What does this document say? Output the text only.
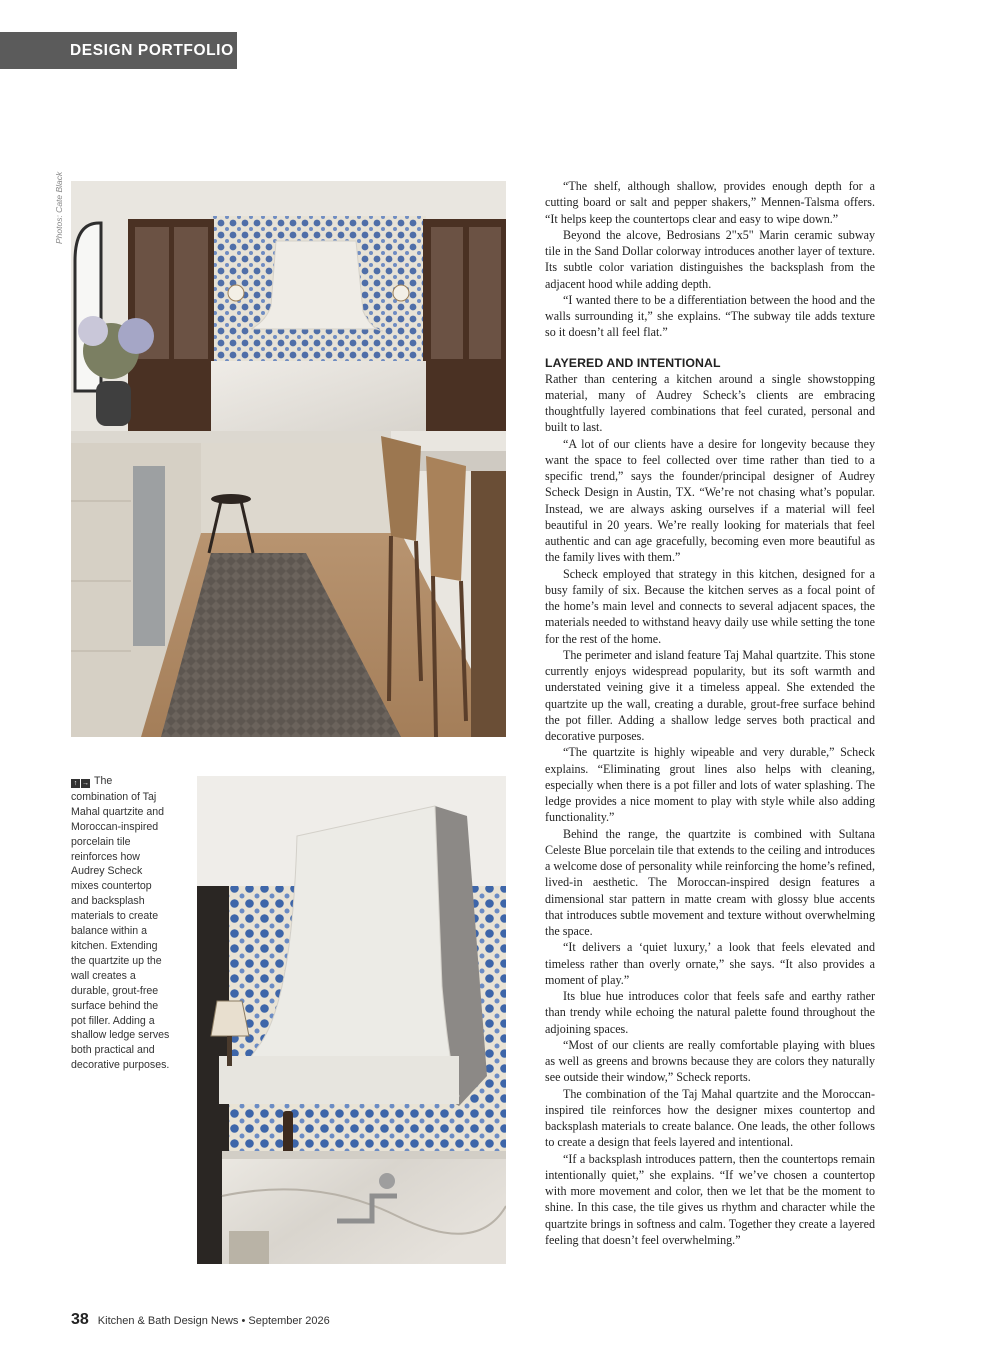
DESIGN PORTFOLIO
Photos: Cate Black
↑ → The combination of Taj Mahal quartzite and Moroccan-inspired porcelain tile reinforces how Audrey Scheck mixes countertop and backsplash materials to create balance within a kitchen. Extending the quartzite up the wall creates a durable, grout-free surface behind the pot filler. Adding a shallow ledge serves both practical and decorative purposes.

“The shelf, although shallow, provides enough depth for a cutting board or salt and pepper shakers,” Mennen-Talsma offers. “It helps keep the countertops clear and easy to wipe down.”

Beyond the alcove, Bedrosians 2"x5" Marin ceramic subway tile in the Sand Dollar colorway introduces another layer of texture. Its subtle color variation distinguishes the backsplash from the adjacent hood while adding depth.

“I wanted there to be a differentiation between the hood and the walls surrounding it,” she explains. “The subway tile adds texture so it doesn’t all feel flat.”

LAYERED AND INTENTIONAL

Rather than centering a kitchen around a single showstopping material, many of Audrey Scheck’s clients are embracing thoughtfully layered combinations that feel curated, personal and built to last.

“A lot of our clients have a desire for longevity because they want the space to feel collected over time rather than tied to a specific trend,” says the founder/principal designer of Audrey Scheck Design in Austin, TX. “We’re not chasing what’s popular. Instead, we are always asking ourselves if a material will feel beautiful in 20 years. We’re really looking for materials that feel authentic and can age gracefully, becoming even more beautiful as the family lives with them.”

Scheck employed that strategy in this kitchen, designed for a busy family of six. Because the kitchen serves as a focal point of the home’s main level and connects to several adjacent spaces, the materials needed to withstand heavy daily use while setting the tone for the rest of the home.

The perimeter and island feature Taj Mahal quartzite. This stone currently enjoys widespread popularity, but its soft warmth and understated veining give it a timeless appeal. She extended the quartzite up the wall, creating a durable, grout-free surface behind the pot filler. Adding a shallow ledge serves both practical and decorative purposes.

“The quartzite is highly wipeable and very durable,” Scheck explains. “Eliminating grout lines also helps with cleaning, especially when there is a pot filler and lots of water splashing. The ledge provides a nice moment to play with style while also adding functionality.”

Behind the range, the quartzite is combined with Sultana Celeste Blue porcelain tile that extends to the ceiling and introduces a welcome dose of personality while reinforcing the home’s refined, lived-in aesthetic. The Moroccan-inspired design features a dimensional star pattern in matte cream with glossy blue accents that introduces subtle movement and texture without overwhelming the space.

“It delivers a ‘quiet luxury,’ a look that feels elevated and timeless rather than overly ornate,” she says. “It also provides a moment of play.”

Its blue hue introduces color that feels safe and earthy rather than trendy while echoing the natural palette found throughout the adjoining spaces.

“Most of our clients are really comfortable playing with blues as well as greens and browns because they are colors they naturally see outside their window,” Scheck reports.

The combination of the Taj Mahal quartzite and the Moroccan-inspired tile reinforces how the designer mixes countertop and backsplash materials to create balance. One leads, the other follows to create a design that feels layered and intentional.

“If a backsplash introduces pattern, then the countertops remain intentionally quiet,” she explains. “If we’ve chosen a countertop with more movement and color, then we let that be the moment to shine. In this case, the tile gives us rhythm and character while the quartzite brings in softness and calm. Together they create a layered feeling that doesn’t feel overwhelming.”

38 Kitchen & Bath Design News • September 2026
